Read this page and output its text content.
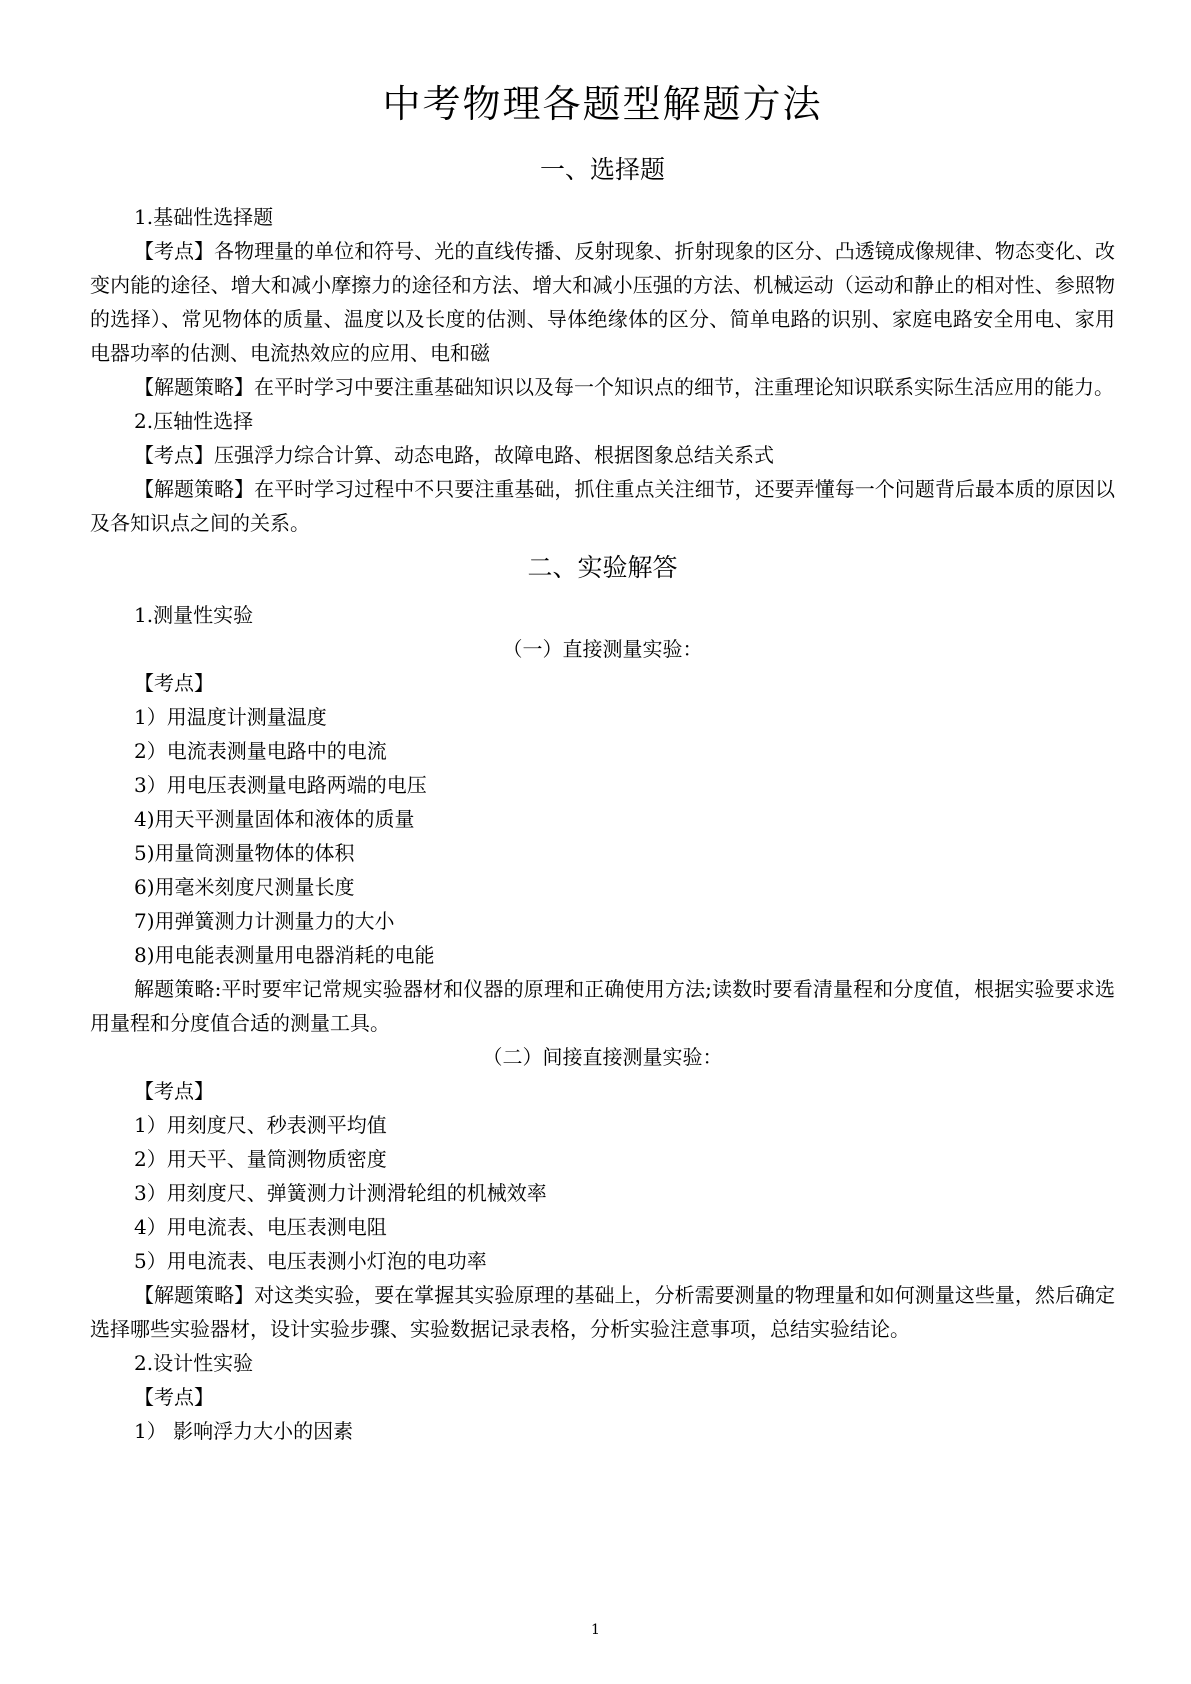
中考物理各题型解题方法
一、选择题

1.基础性选择题

【考点】各物理量的单位和符号、光的直线传播、反射现象、折射现象的区分、凸透镜成像规律、物态变化、改变内能的途径、增大和减小摩擦力的途径和方法、增大和减小压强的方法、机械运动（运动和静止的相对性、参照物的选择）、常见物体的质量、温度以及长度的估测、导体绝缘体的区分、简单电路的识别、家庭电路安全用电、家用电器功率的估测、电流热效应的应用、电和磁

【解题策略】在平时学习中要注重基础知识以及每一个知识点的细节，注重理论知识联系实际生活应用的能力。

2.压轴性选择

【考点】压强浮力综合计算、动态电路，故障电路、根据图象总结关系式

【解题策略】在平时学习过程中不只要注重基础，抓住重点关注细节，还要弄懂每一个问题背后最本质的原因以及各知识点之间的关系。

二、实验解答

1.测量性实验

（一）直接测量实验：

【考点】

1）用温度计测量温度

2）电流表测量电路中的电流

3）用电压表测量电路两端的电压

4)用天平测量固体和液体的质量

5)用量筒测量物体的体积

6)用毫米刻度尺测量长度

7)用弹簧测力计测量力的大小

8)用电能表测量用电器消耗的电能

解题策略:平时要牢记常规实验器材和仪器的原理和正确使用方法;读数时要看清量程和分度值，根据实验要求选用量程和分度值合适的测量工具。

（二）间接直接测量实验：

【考点】

1）用刻度尺、秒表测平均值

2）用天平、量筒测物质密度

3）用刻度尺、弹簧测力计测滑轮组的机械效率

4）用电流表、电压表测电阻

5）用电流表、电压表测小灯泡的电功率

【解题策略】对这类实验，要在掌握其实验原理的基础上，分析需要测量的物理量和如何测量这些量，然后确定选择哪些实验器材，设计实验步骤、实验数据记录表格，分析实验注意事项，总结实验结论。

2.设计性实验

【考点】

1） 影响浮力大小的因素

1
